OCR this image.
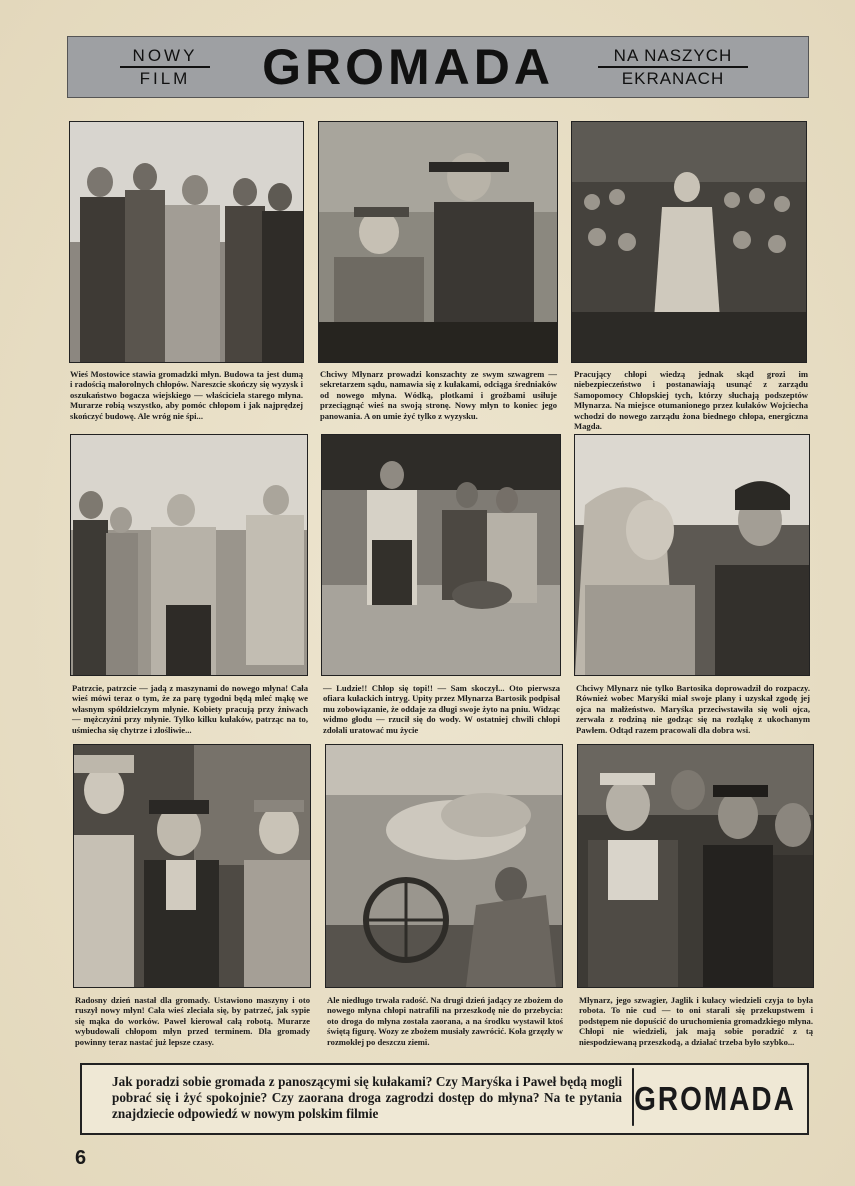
NOWY
FILM	GROMADA	NA NASZYCH
EKRANACH
Wieś Mostowice stawia gromadzki młyn. Budowa ta jest dumą i radością małorolnych chłopów. Nareszcie skończy się wyzysk i oszukaństwo bogacza wiejskiego — właściciela starego młyna. Murarze robią wszystko, aby pomóc chłopom i jak najprędzej skończyć budowę. Ale wróg nie śpi...
Chciwy Młynarz prowadzi konszachty ze swym szwagrem — sekretarzem sądu, namawia się z kułakami, odciąga średniaków od nowego młyna. Wódką, plotkami i groźbami usiłuje przeciągnąć wieś na swoją stronę. Nowy młyn to koniec jego panowania. A on umie żyć tylko z wyzysku.
Pracujący chłopi wiedzą jednak skąd grozi im niebezpieczeństwo i postanawiają usunąć z zarządu Samopomocy Chłopskiej tych, którzy słuchają podszeptów Młynarza. Na miejsce otumanionego przez kułaków Wojciecha wchodzi do nowego zarządu żona biednego chłopa, energiczna Magda.
Patrzcie, patrzcie — jadą z maszynami do nowego młyna! Cała wieś mówi teraz o tym, że za parę tygodni będą mleć mąkę we własnym spółdzielczym młynie. Kobiety pracują przy żniwach — mężczyźni przy młynie. Tylko kilku kułaków, patrząc na to, uśmiecha się chytrze i złośliwie...
— Ludzie!! Chłop się topi!! — Sam skoczył... Oto pierwsza ofiara kułackich intryg. Upity przez Młynarza Bartosik podpisał mu zobowiązanie, że oddaje za długi swoje żyto na pniu. Widząc widmo głodu — rzucił się do wody. W ostatniej chwili chłopi zdołali uratować mu życie
Chciwy Młynarz nie tylko Bartosika doprowadził do rozpaczy. Również wobec Maryśki miał swoje plany i uzyskał zgodę jej ojca na małżeństwo. Maryśka przeciwstawiła się woli ojca, zerwała z rodziną nie godząc się na rozłąkę z ukochanym Pawłem. Odtąd razem pracowali dla dobra wsi.
Radosny dzień nastał dla gromady. Ustawiono maszyny i oto ruszył nowy młyn! Cała wieś zleciała się, by patrzeć, jak sypie się mąka do worków. Paweł kierował całą robotą. Murarze wybudowali chłopom młyn przed terminem. Dla gromady powinny teraz nastać już lepsze czasy.
Ale niedługo trwała radość. Na drugi dzień jadący ze zbożem do nowego młyna chłopi natrafili na przeszkodę nie do przebycia: oto droga do młyna została zaorana, a na środku wystawił ktoś świętą figurę. Wozy ze zbożem musiały zawrócić. Koła grzęzły w rozmokłej po deszczu ziemi.
Młynarz, jego szwagier, Jaglik i kułacy wiedzieli czyja to była robota. To nie cud — to oni starali się przekupstwem i podstępem nie dopuścić do uruchomienia gromadzkiego młyna. Chłopi nie wiedzieli, jak mają sobie poradzić z tą niespodziewaną przeszkodą, a działać trzeba było szybko...
Jak poradzi sobie gromada z panoszącymi się kułakami? Czy Maryśka i Paweł będą mogli pobrać się i żyć spokojnie? Czy zaorana droga zagrodzi dostęp do młyna? Na te pytania znajdziecie odpowiedź w nowym polskim filmie	GROMADA
6
